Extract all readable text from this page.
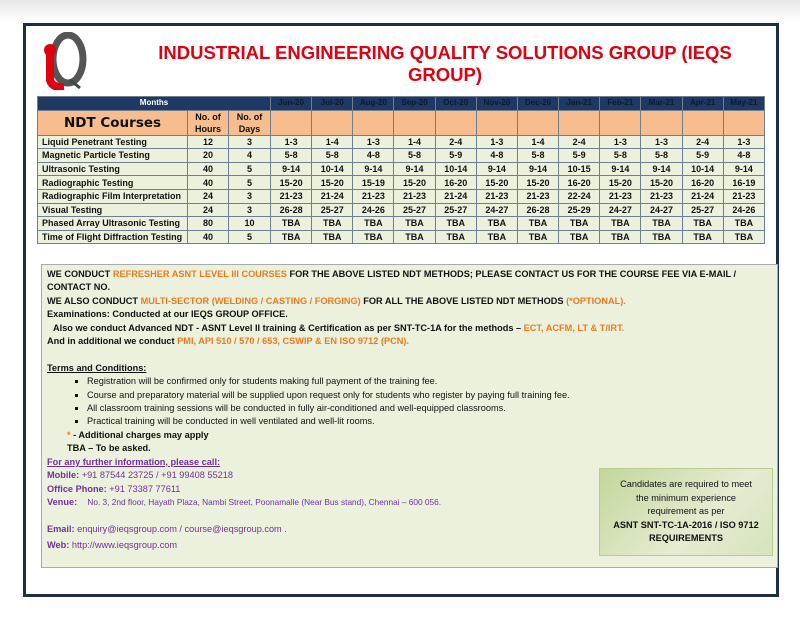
INDUSTRIAL ENGINEERING QUALITY SOLUTIONS GROUP (IEQS GROUP)
Months			Jun-20	Jul-20	Aug-20	Sep-20	Oct-20	Nov-20	Dec-20	Jan-21	Feb-21	Mar-21	Apr-21	May-21
NDT Courses	No. of Hours	No. of Days												
Liquid Penetrant Testing	12	3	1-3	1-4	1-3	1-4	2-4	1-3	1-4	2-4	1-3	1-3	2-4	1-3
Magnetic Particle Testing	20	4	5-8	5-8	4-8	5-8	5-9	4-8	5-8	5-9	5-8	5-8	5-9	4-8
Ultrasonic Testing	40	5	9-14	10-14	9-14	9-14	10-14	9-14	9-14	10-15	9-14	9-14	10-14	9-14
Radiographic Testing	40	5	15-20	15-20	15-19	15-20	16-20	15-20	15-20	16-20	15-20	15-20	16-20	16-19
Radiographic Film Interpretation	24	3	21-23	21-24	21-23	21-23	21-24	21-23	21-23	22-24	21-23	21-23	21-24	21-23
Visual Testing	24	3	26-28	25-27	24-26	25-27	25-27	24-27	26-28	25-29	24-27	24-27	25-27	24-26
Phased Array Ultrasonic Testing	80	10	TBA	TBA	TBA	TBA	TBA	TBA	TBA	TBA	TBA	TBA	TBA	TBA
Time of Flight Diffraction Testing	40	5	TBA	TBA	TBA	TBA	TBA	TBA	TBA	TBA	TBA	TBA	TBA	TBA

WE CONDUCT REFRESHER ASNT LEVEL III COURSES FOR THE ABOVE LISTED NDT METHODS; PLEASE CONTACT US FOR THE COURSE FEE VIA E-MAIL / CONTACT NO.

WE ALSO CONDUCT MULTI-SECTOR (WELDING / CASTING / FORGING) FOR ALL THE ABOVE LISTED NDT METHODS (*OPTIONAL).

Examinations: Conducted at our IEQS GROUP OFFICE.

Also we conduct Advanced NDT - ASNT Level II training & Certification as per SNT-TC-1A for the methods – ECT, ACFM, LT & T/IRT.

And in additional we conduct PMI, API 510 / 570 / 653, CSWIP & EN ISO 9712 (PCN).

Terms and Conditions:

▪ Registration will be confirmed only for students making full payment of the training fee.
▪ Course and preparatory material will be supplied upon request only for students who register by paying full training fee.
▪ All classroom training sessions will be conducted in fully air-conditioned and well-equipped classrooms.
▪ Practical training will be conducted in well ventilated and well-lit rooms.

* - Additional charges may apply

TBA – To be asked.

For any further information, please call:

Mobile: +91 87544 23725 / +91 99408 55218

Office Phone: +91 73387 77611

Venue: No. 3, 2nd floor, Hayath Plaza, Nambi Street, Poonamalle (Near Bus stand), Chennai – 600 056.

Email: enquiry@ieqsgroup.com / course@ieqsgroup.com .

Web: http://www.ieqsgroup.com

Candidates are required to meet
the minimum experience
requirement as per
ASNT SNT-TC-1A-2016 / ISO 9712
REQUIREMENTS
